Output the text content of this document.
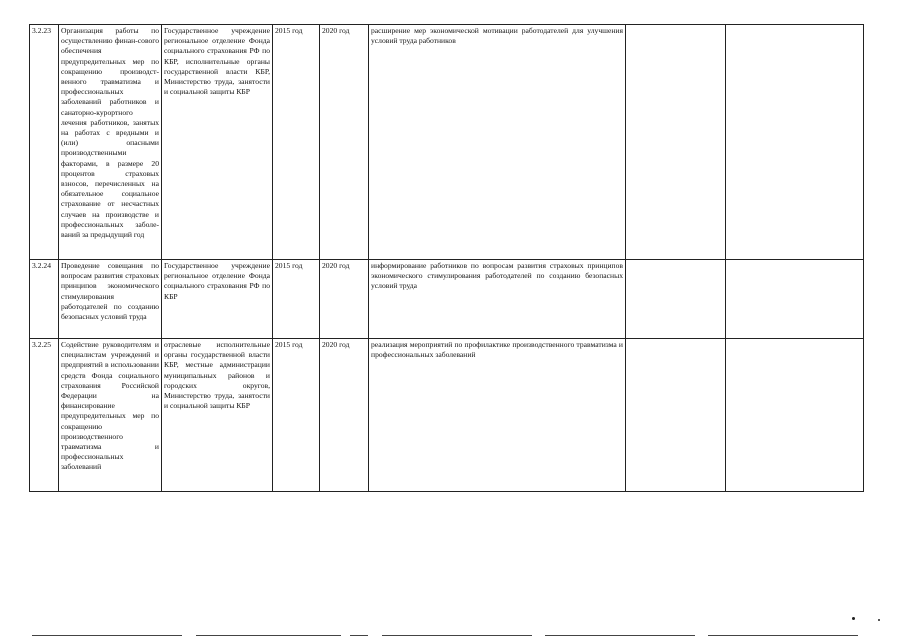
3.2.23	Организация работы по осуществлению финан-сового обеспечения предупредительных мер по сокращению производст-венного травматизма и профессиональных заболеваний работников и санаторно-курортного лечения работников, занятых на работах с вредными и (или) опасными производственными факторами, в размере 20 процентов страховых взносов, перечисленных на обязательное социальное страхование от несчастных случаев на производстве и профессиональных заболе-ваний за предыдущий год	Государственное учреждение региональное отделение Фонда социального страхования РФ по КБР, исполнительные органы государственной власти КБР, Министерство труда, занятости и социальной защиты КБР	2015 год	2020 год	расширение мер экономической мотивации работодателей для улучшения условий труда работников		
3.2.24	Проведение совещания по вопросам развития страховых принципов экономического стимулирования работодателей по созданию безопасных условий труда	Государственное учреждение региональное отделение Фонда социального страхования РФ по КБР	2015 год	2020 год	информирование работников по вопросам развития страховых принципов экономического стимулирования работодателей по созданию безопасных условий труда		
3.2.25	Содействие руководителям и специалистам учреждений и предприятий в использовании средств Фонда социального страхования Российской Федерации на финансирование предупредительных мер по сокращению производственного травматизма и профессиональных заболеваний	отраслевые исполнительные органы государственной власти КБР, местные администрации муниципальных районов и городских округов, Министерство труда, занятости и социальной защиты КБР	2015 год	2020 год	реализация мероприятий по профилактике производственного травматизма и профессиональных заболеваний		
